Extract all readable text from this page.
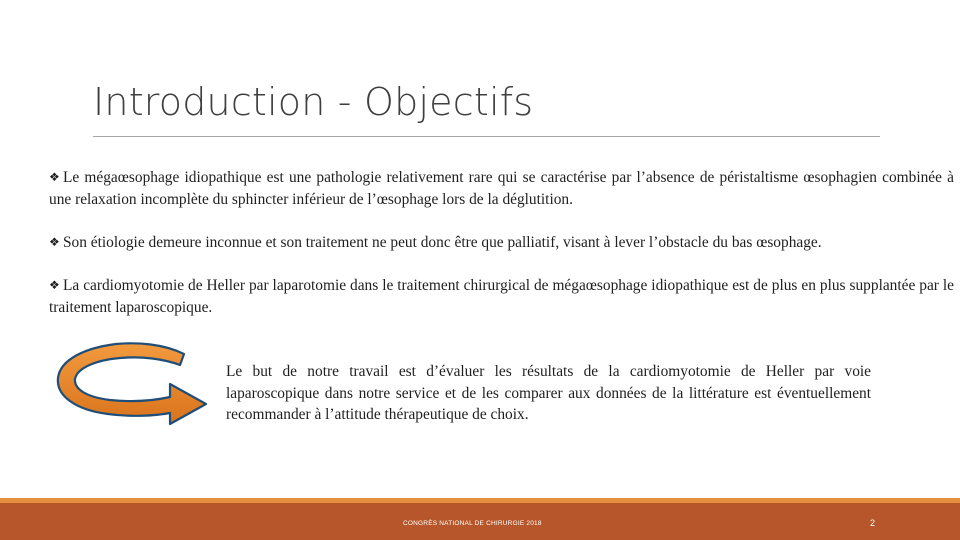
Introduction - Objectifs
❖ Le mégaœsophage idiopathique est une pathologie relativement rare qui se caractérise par l’absence de péristaltisme œsophagien combinée à une relaxation incomplète du sphincter inférieur de l’œsophage lors de la déglutition.
❖ Son étiologie demeure inconnue et son traitement ne peut donc être que palliatif, visant à lever l’obstacle du bas œsophage.
❖ La cardiomyotomie de Heller par laparotomie dans le traitement chirurgical de mégaœsophage idiopathique est de plus en plus supplantée par le traitement laparoscopique.
Le but de notre travail est d’évaluer les résultats de la cardiomyotomie de Heller par voie laparoscopique dans notre service et de les comparer aux données de la littérature est éventuellement recommander à l’attitude thérapeutique de choix.
CONGRÈS NATIONAL DE CHIRURGIE 2018	2
